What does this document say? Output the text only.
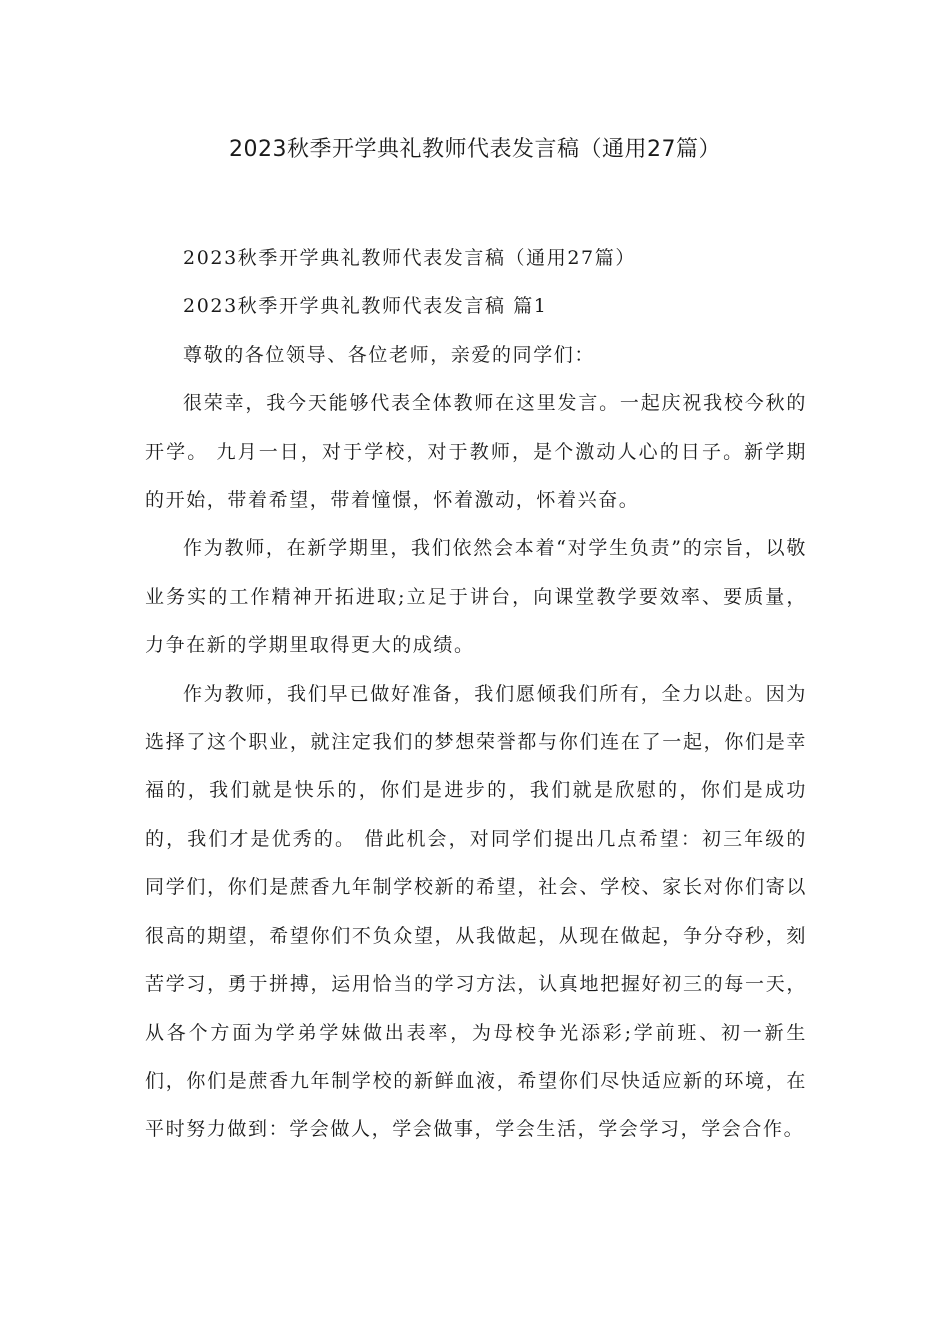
2023秋季开学典礼教师代表发言稿（通用27篇）

2023秋季开学典礼教师代表发言稿（通用27篇）

2023秋季开学典礼教师代表发言稿 篇1

尊敬的各位领导、各位老师，亲爱的同学们：

很荣幸，我今天能够代表全体教师在这里发言。一起庆祝我校今秋的开学。 九月一日，对于学校，对于教师，是个激动人心的日子。新学期的开始，带着希望，带着憧憬，怀着激动，怀着兴奋。

作为教师，在新学期里，我们依然会本着“对学生负责”的宗旨，以敬业务实的工作精神开拓进取;立足于讲台，向课堂教学要效率、要质量，力争在新的学期里取得更大的成绩。

作为教师，我们早已做好准备，我们愿倾我们所有，全力以赴。因为选择了这个职业，就注定我们的梦想荣誉都与你们连在了一起，你们是幸福的，我们就是快乐的，你们是进步的，我们就是欣慰的，你们是成功的，我们才是优秀的。 借此机会，对同学们提出几点希望：初三年级的同学们，你们是蔗香九年制学校新的希望，社会、学校、家长对你们寄以很高的期望，希望你们不负众望，从我做起，从现在做起，争分夺秒，刻苦学习，勇于拼搏，运用恰当的学习方法，认真地把握好初三的每一天，从各个方面为学弟学妹做出表率，为母校争光添彩;学前班、初一新生们，你们是蔗香九年制学校的新鲜血液，希望你们尽快适应新的环境，在平时努力做到：学会做人，学会做事，学会生活，学会学习，学会合作。
